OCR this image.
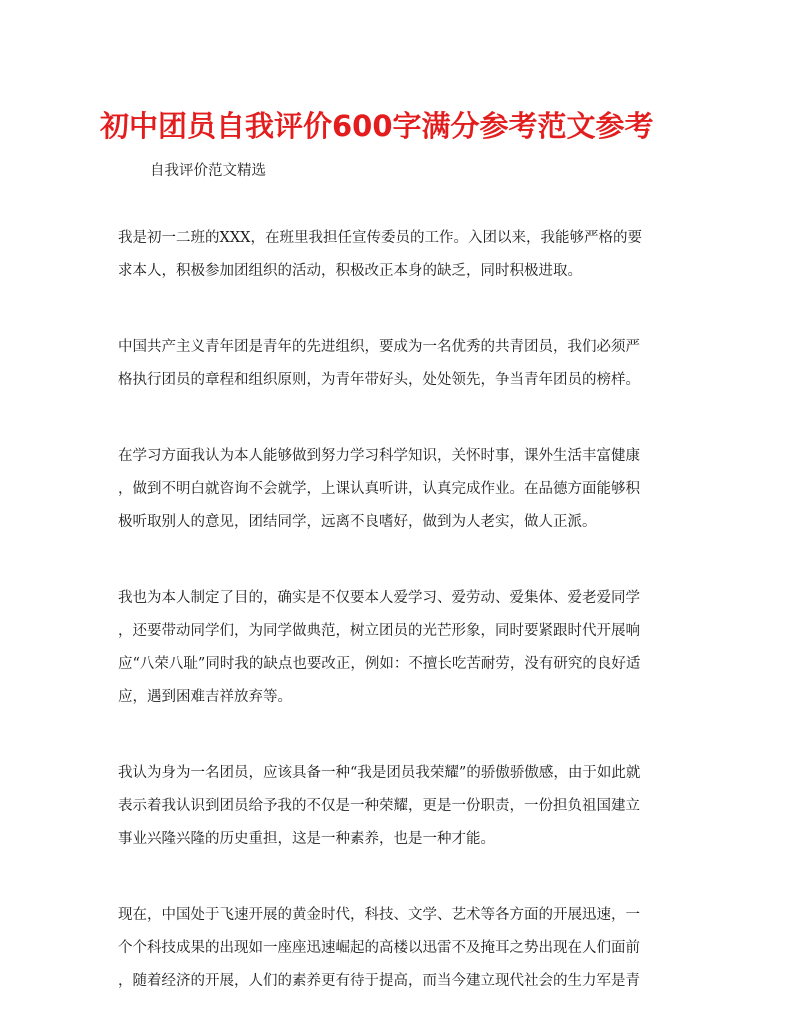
初中团员自我评价600字满分参考范文参考
自我评价范文精选
我是初一二班的XXX，在班里我担任宣传委员的工作。入团以来，我能够严格的要
求本人，积极参加团组织的活动，积极改正本身的缺乏，同时积极进取。
中国共产主义青年团是青年的先进组织，要成为一名优秀的共青团员，我们必须严
格执行团员的章程和组织原则，为青年带好头，处处领先，争当青年团员的榜样。
在学习方面我认为本人能够做到努力学习科学知识，关怀时事，课外生活丰富健康
，做到不明白就咨询不会就学，上课认真听讲，认真完成作业。在品德方面能够积
极听取别人的意见，团结同学，远离不良嗜好，做到为人老实，做人正派。
我也为本人制定了目的，确实是不仅要本人爱学习、爱劳动、爱集体、爱老爱同学
，还要带动同学们，为同学做典范，树立团员的光芒形象，同时要紧跟时代开展响
应“八荣八耻”同时我的缺点也要改正，例如：不擅长吃苦耐劳，没有研究的良好适
应，遇到困难吉祥放弃等。
我认为身为一名团员，应该具备一种“我是团员我荣耀”的骄傲骄傲感，由于如此就
表示着我认识到团员给予我的不仅是一种荣耀，更是一份职责，一份担负祖国建立
事业兴隆兴隆的历史重担，这是一种素养，也是一种才能。
现在，中国处于飞速开展的黄金时代，科技、文学、艺术等各方面的开展迅速，一
个个科技成果的出现如一座座迅速崛起的高楼以迅雷不及掩耳之势出现在人们面前
，随着经济的开展，人们的素养更有待于提高，而当今建立现代社会的生力军是青
